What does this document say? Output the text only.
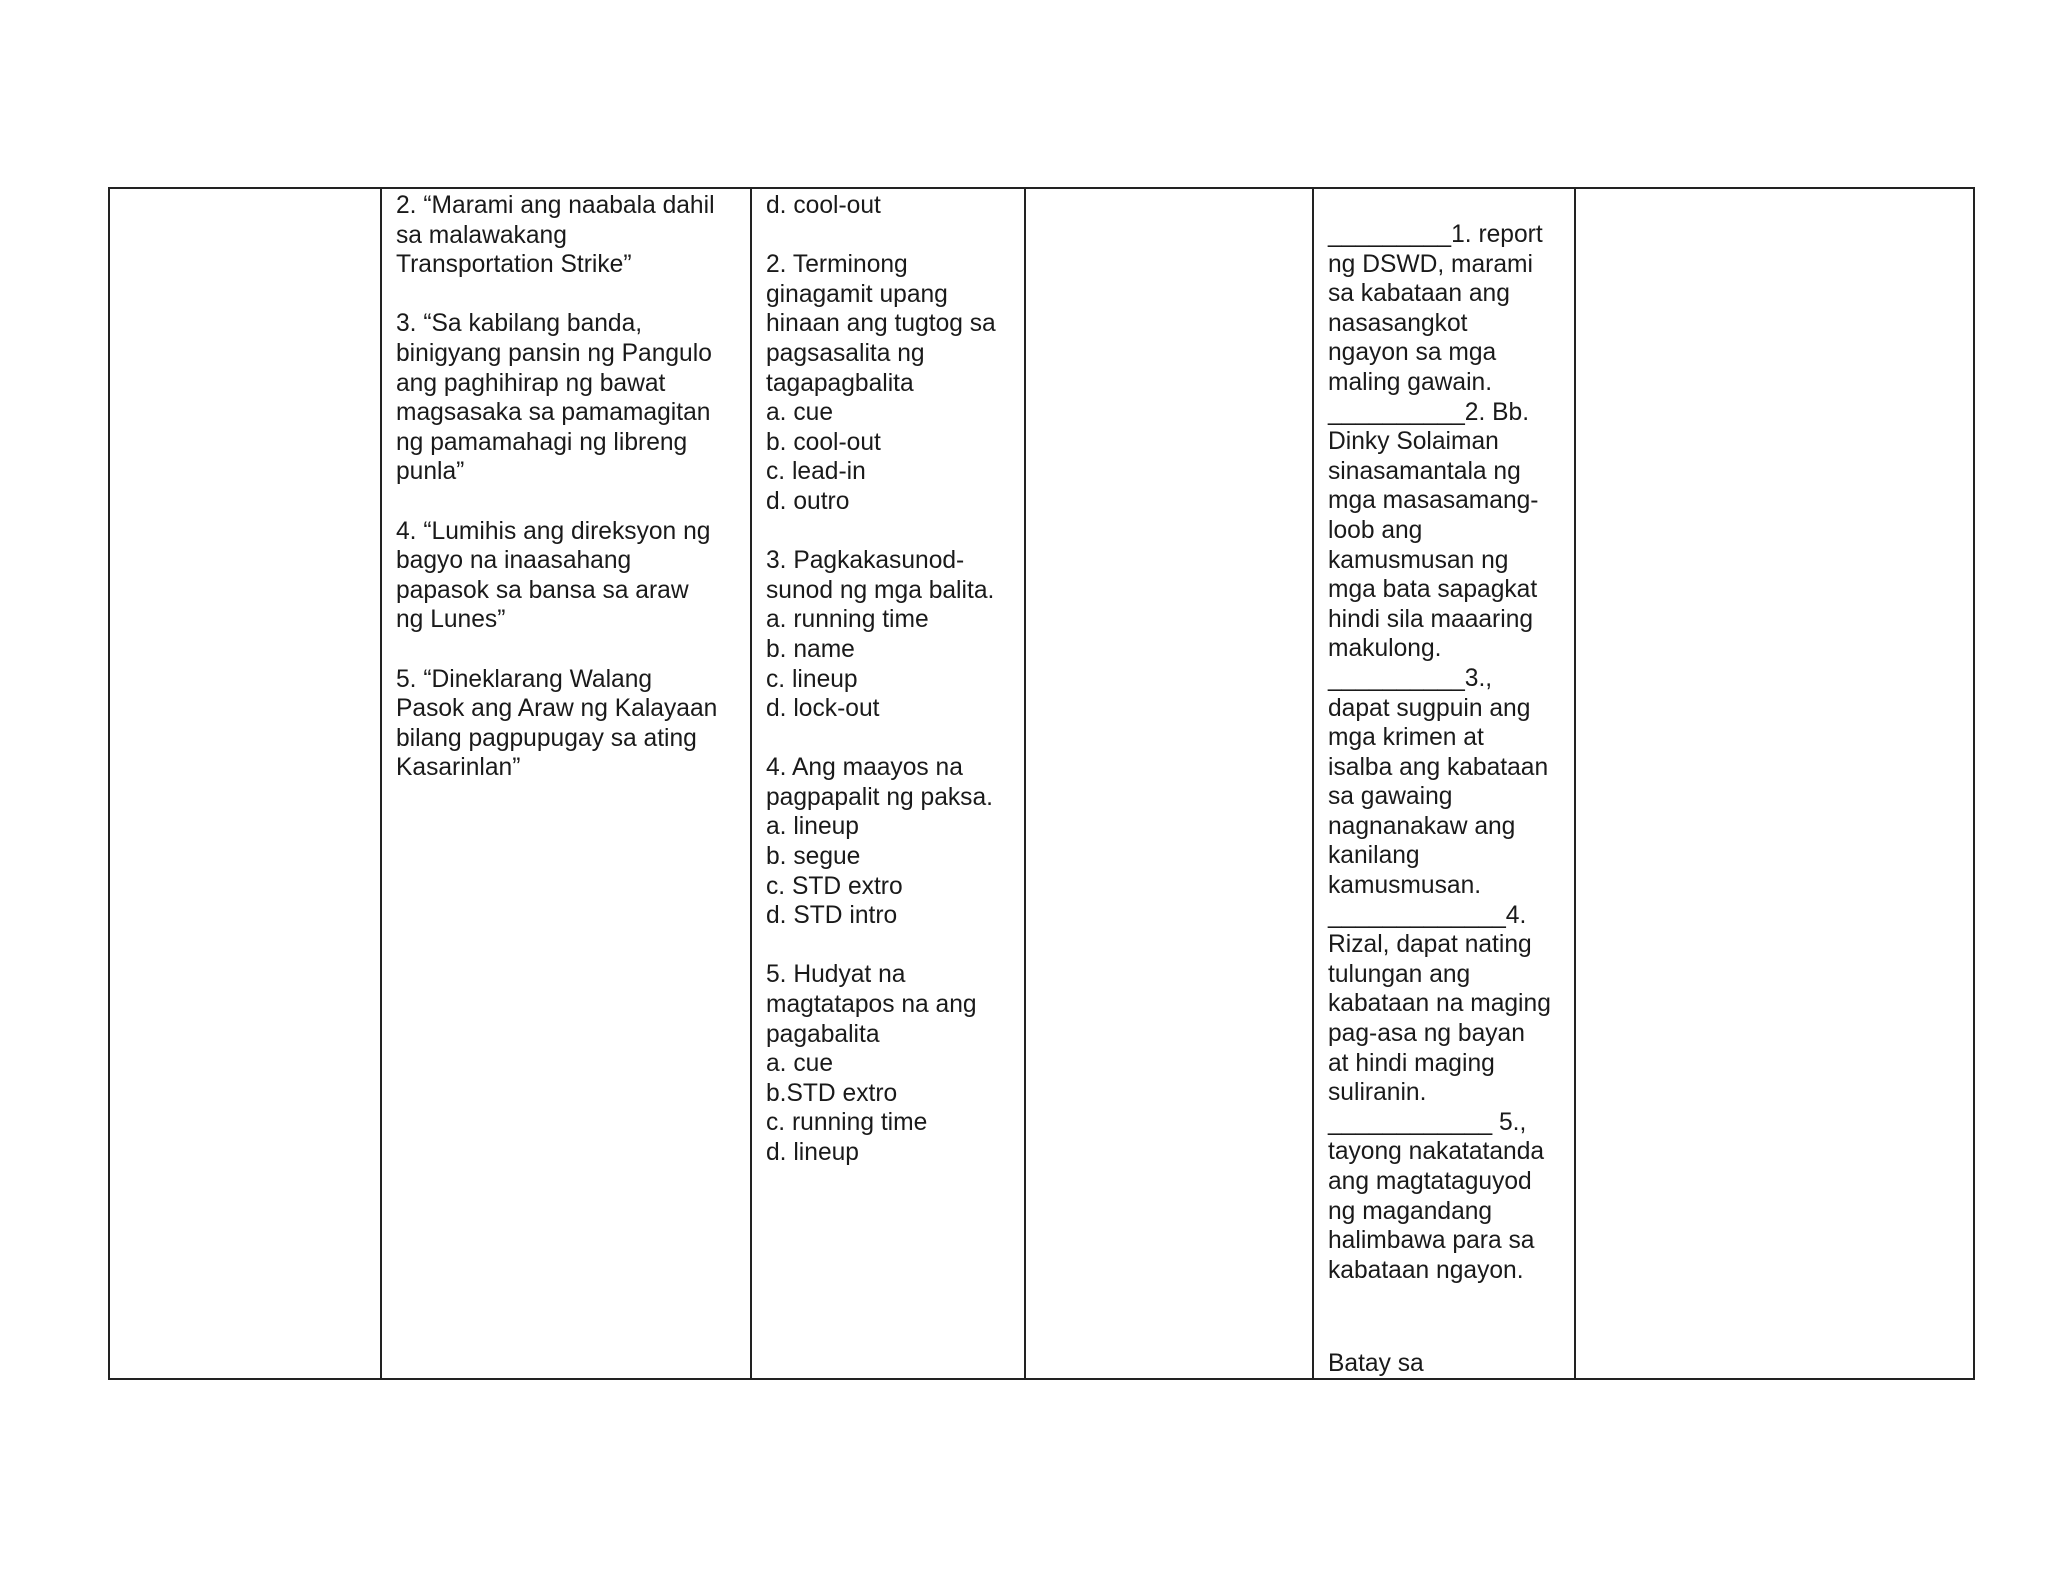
2. “Marami ang naabala dahil
sa malawakang
Transportation Strike”

3. “Sa kabilang banda,
binigyang pansin ng Pangulo
ang paghihirap ng bawat
magsasaka sa pamamagitan
ng pamamahagi ng libreng
punla”

4. “Lumihis ang direksyon ng
bagyo na inaasahang
papasok sa bansa sa araw
ng Lunes”

5. “Dineklarang Walang
Pasok ang Araw ng Kalayaan
bilang pagpupugay sa ating
Kasarinlan”

d. cool-out

2. Terminong
ginagamit upang
hinaan ang tugtog sa
pagsasalita ng
tagapagbalita
a. cue
b. cool-out
c. lead-in
d. outro

3. Pagkakasunod-
sunod ng mga balita.
a. running time
b. name
c. lineup
d. lock-out

4. Ang maayos na
pagpapalit ng paksa.
a. lineup
b. segue
c. STD extro
d. STD intro

5. Hudyat na
magtatapos na ang
pagabalita
a. cue
b.STD extro
c. running time
d. lineup

_________1. report
ng DSWD, marami
sa kabataan ang
nasasangkot
ngayon sa mga
maling gawain.
__________2. Bb.
Dinky Solaiman
sinasamantala ng
mga masasamang-
loob ang
kamusmusan ng
mga bata sapagkat
hindi sila maaaring
makulong.
__________3.,
dapat sugpuin ang
mga krimen at
isalba ang kabataan
sa gawaing
nagnanakaw ang
kanilang
kamusmusan.
_____________4.
Rizal, dapat nating
tulungan ang
kabataan na maging
pag-asa ng bayan
at hindi maging
suliranin.
____________ 5.,
tayong nakatatanda
ang magtataguyod
ng magandang
halimbawa para sa
kabataan ngayon.

Batay sa
